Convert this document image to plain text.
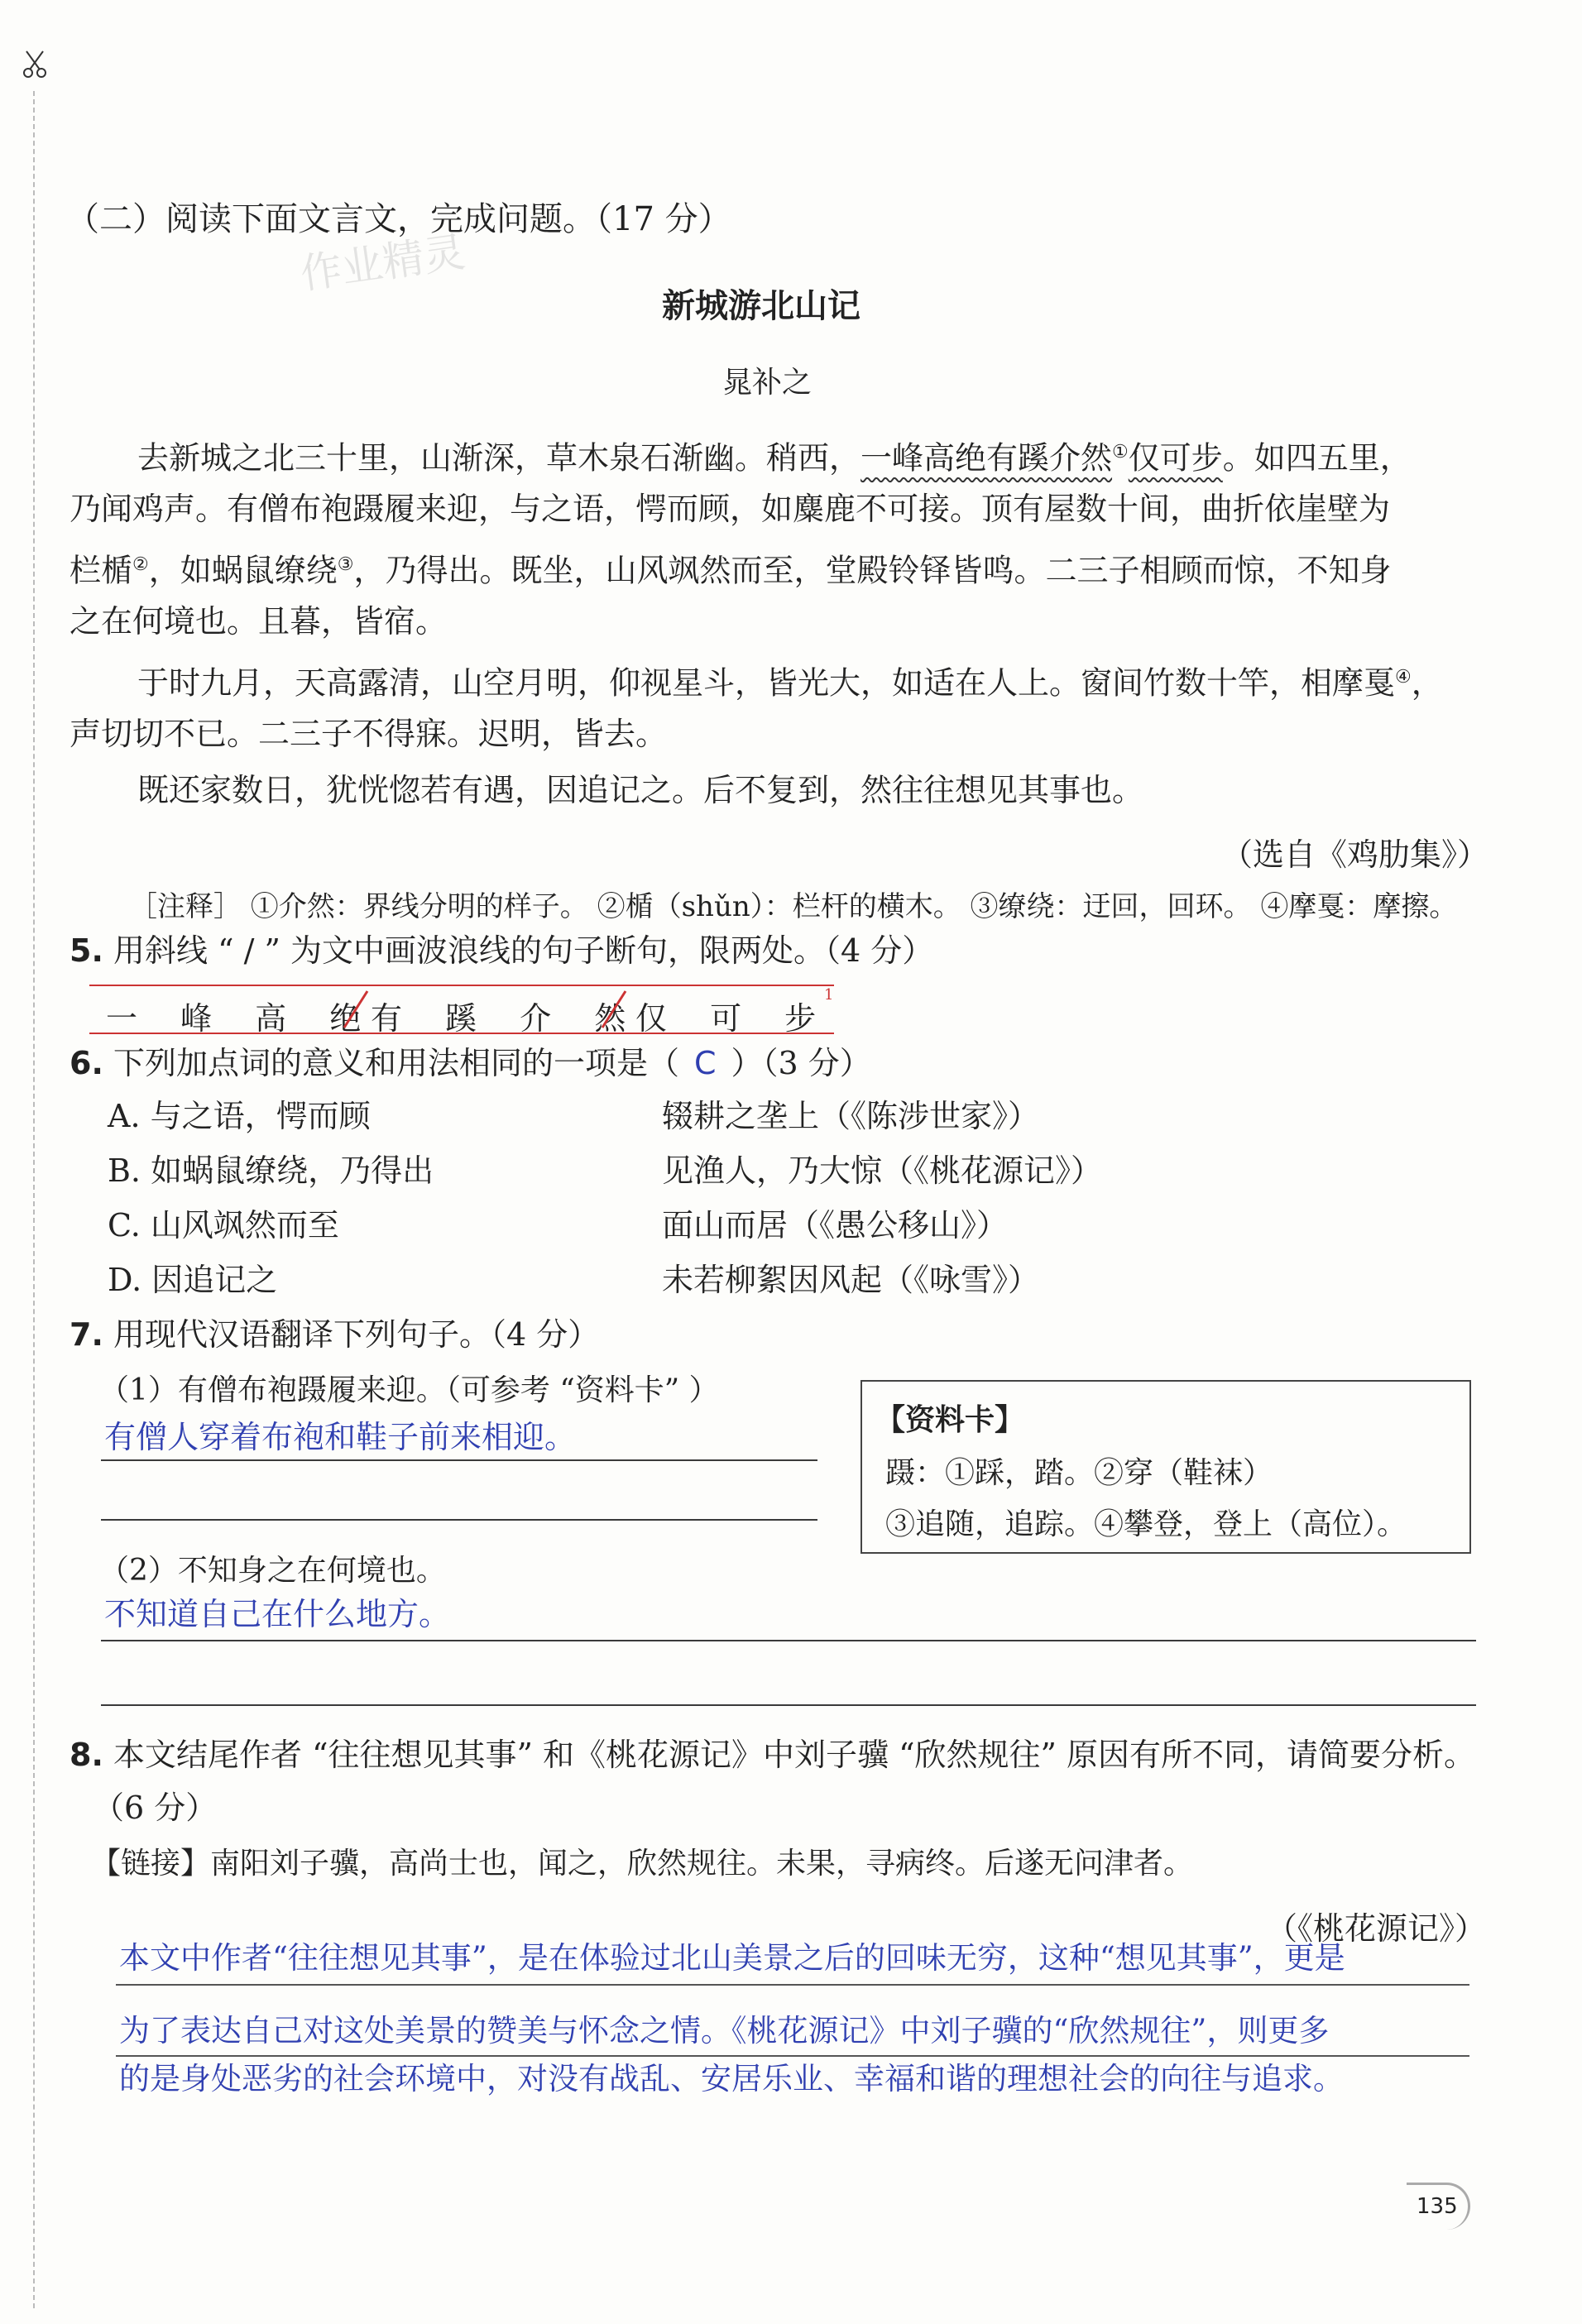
（二）阅读下面文言文，完成问题。（17 分）
作业精灵
新城游北山记
晁补之
去新城之北三十里，山渐深，草木泉石渐幽。稍西，一峰高绝有蹊介然①仅可步。如四五里，
乃闻鸡声。有僧布袍蹑履来迎，与之语，愕而顾，如麋鹿不可接。顶有屋数十间，曲折依崖壁为
栏楯②，如蜗鼠缭绕③，乃得出。既坐，山风飒然而至，堂殿铃铎皆鸣。二三子相顾而惊，不知身
之在何境也。且暮，皆宿。
于时九月，天高露清，山空月明，仰视星斗，皆光大，如适在人上。窗间竹数十竿，相摩戛④，
声切切不已。二三子不得寐。迟明，皆去。
既还家数日，犹恍惚若有遇，因追记之。后不复到，然往往想见其事也。
（选自《鸡肋集》）
［注释］ ①介然：界线分明的样子。 ②楯（shǔn）：栏杆的横木。 ③缭绕：迂回，回环。 ④摩戛：摩擦。
5. 用斜线 “ / ” 为文中画波浪线的句子断句，限两处。（4 分）
一 峰 高 绝
有 蹊 介 然
仅 可 步
1
6. 下列加点词的意义和用法相同的一项是（ C ）（3 分）
A. 与之语，愕而顾	辍耕之垄上（《陈涉世家》）
B. 如蜗鼠缭绕，乃得出	见渔人，乃大惊（《桃花源记》）
C. 山风飒然而至	面山而居（《愚公移山》）
D. 因追记之	未若柳絮因风起（《咏雪》）
7. 用现代汉语翻译下列句子。（4 分）
（1）有僧布袍蹑履来迎。（可参考 “资料卡” ）
有僧人穿着布袍和鞋子前来相迎。	【资料卡】
蹑：①踩，踏。②穿（鞋袜）
③追随，追踪。④攀登，登上（高位）。
（2）不知身之在何境也。
不知道自己在什么地方。
8. 本文结尾作者 “往往想见其事” 和《桃花源记》中刘子骥 “欣然规往” 原因有所不同，请简要分析。
（6 分）
【链接】南阳刘子骥，高尚士也，闻之，欣然规往。未果，寻病终。后遂无问津者。
（《桃花源记》）
本文中作者“往往想见其事”，是在体验过北山美景之后的回味无穷，这种“想见其事”，更是
为了表达自己对这处美景的赞美与怀念之情。《桃花源记》中刘子骥的“欣然规往”，则更多
的是身处恶劣的社会环境中，对没有战乱、安居乐业、幸福和谐的理想社会的向往与追求。
135
